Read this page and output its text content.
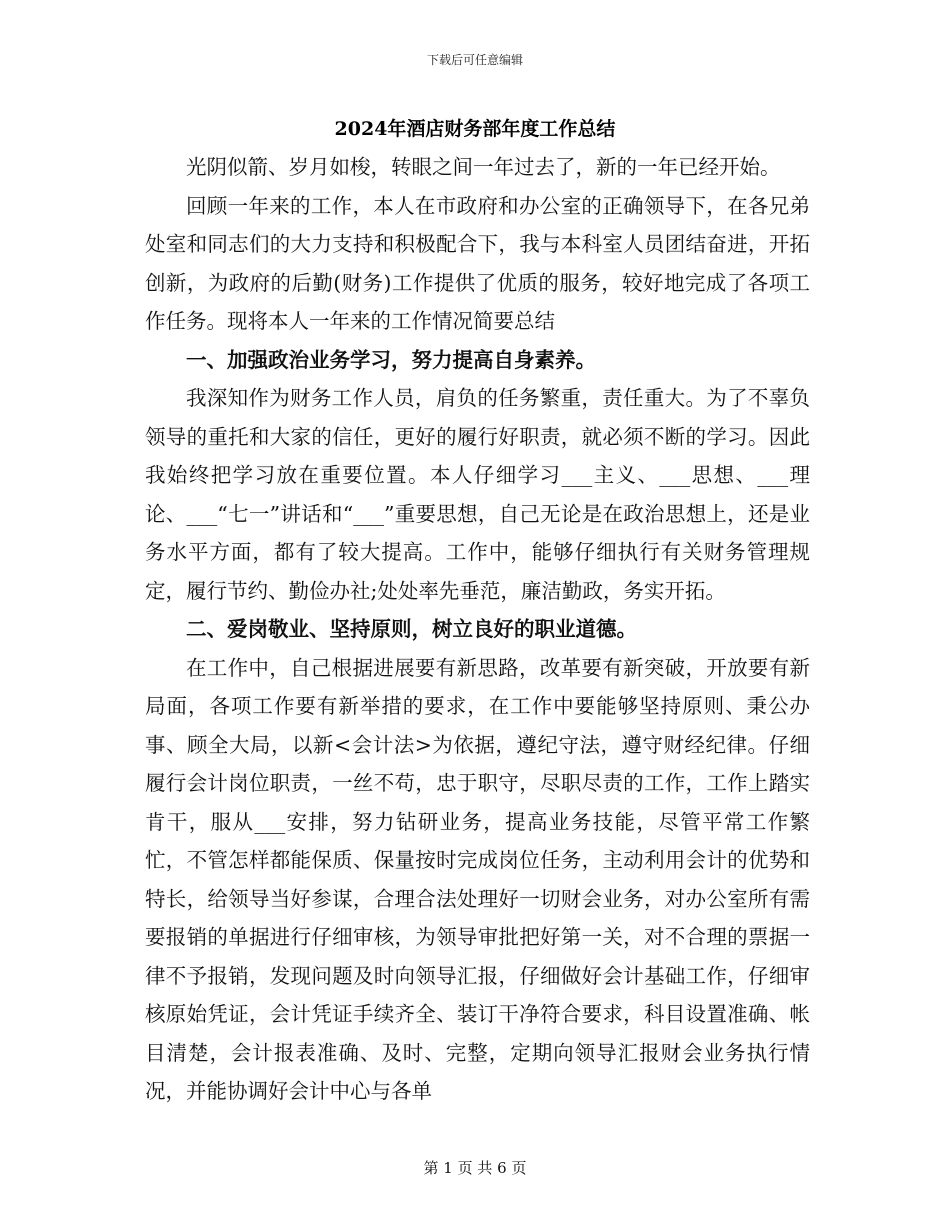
下载后可任意编辑
2024年酒店财务部年度工作总结

光阴似箭、岁月如梭，转眼之间一年过去了，新的一年已经开始。

回顾一年来的工作，本人在市政府和办公室的正确领导下，在各兄弟处室和同志们的大力支持和积极配合下，我与本科室人员团结奋进，开拓创新，为政府的后勤(财务)工作提供了优质的服务，较好地完成了各项工作任务。现将本人一年来的工作情况简要总结

一、加强政治业务学习，努力提高自身素养。

我深知作为财务工作人员，肩负的任务繁重，责任重大。为了不辜负领导的重托和大家的信任，更好的履行好职责，就必须不断的学习。因此我始终把学习放在重要位置。本人仔细学习___主义、___思想、___理论、___“七一”讲话和“___”重要思想，自己无论是在政治思想上，还是业务水平方面，都有了较大提高。工作中，能够仔细执行有关财务管理规定，履行节约、勤俭办社;处处率先垂范，廉洁勤政，务实开拓。

二、爱岗敬业、坚持原则，树立良好的职业道德。

在工作中，自己根据进展要有新思路，改革要有新突破，开放要有新局面，各项工作要有新举措的要求，在工作中要能够坚持原则、秉公办事、顾全大局，以新<会计法>为依据，遵纪守法，遵守财经纪律。仔细履行会计岗位职责，一丝不苟，忠于职守，尽职尽责的工作，工作上踏实肯干，服从___安排，努力钻研业务，提高业务技能，尽管平常工作繁忙，不管怎样都能保质、保量按时完成岗位任务，主动利用会计的优势和特长，给领导当好参谋，合理合法处理好一切财会业务，对办公室所有需要报销的单据进行仔细审核，为领导审批把好第一关，对不合理的票据一律不予报销，发现问题及时向领导汇报，仔细做好会计基础工作，仔细审核原始凭证，会计凭证手续齐全、装订干净符合要求，科目设置准确、帐目清楚，会计报表准确、及时、完整，定期向领导汇报财会业务执行情况，并能协调好会计中心与各单

第 1 页 共 6 页
